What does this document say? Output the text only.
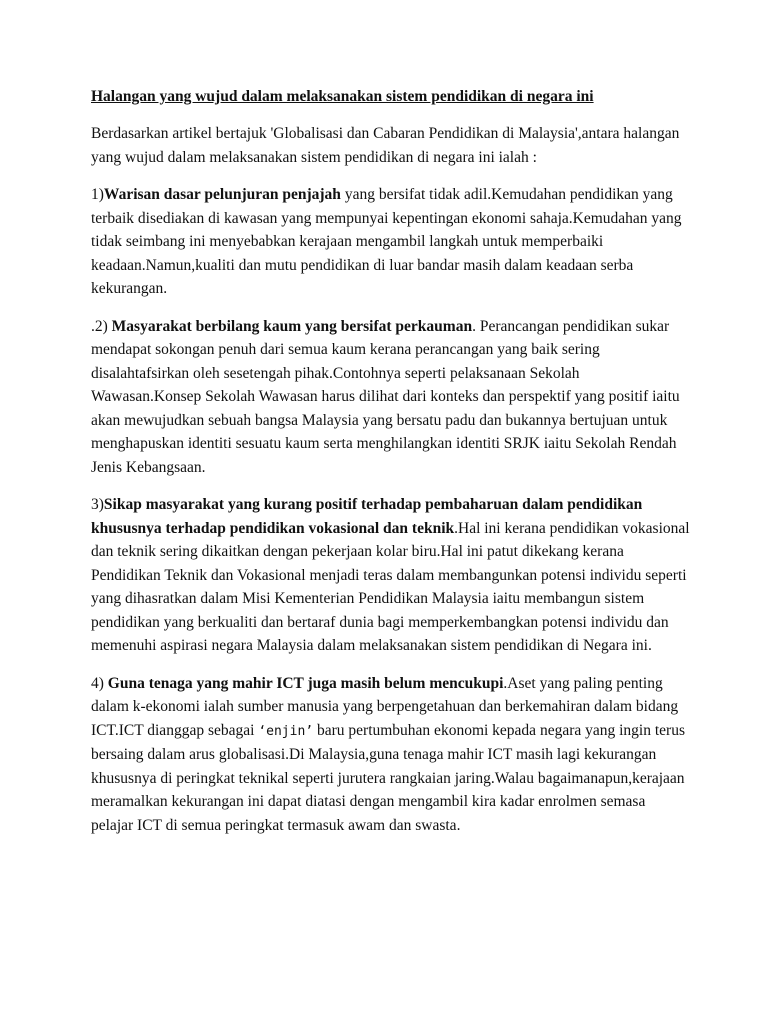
Halangan yang wujud dalam melaksanakan sistem pendidikan di negara ini

Berdasarkan artikel bertajuk 'Globalisasi dan Cabaran Pendidikan di Malaysia',antara halangan yang wujud dalam melaksanakan sistem pendidikan di negara ini ialah :

1)Warisan dasar pelunjuran penjajah yang bersifat tidak adil.Kemudahan pendidikan yang terbaik disediakan di kawasan yang mempunyai kepentingan ekonomi sahaja.Kemudahan yang tidak seimbang ini menyebabkan kerajaan mengambil langkah untuk memperbaiki keadaan.Namun,kualiti dan mutu pendidikan di luar bandar masih dalam keadaan serba kekurangan.

.2) Masyarakat berbilang kaum yang bersifat perkauman. Perancangan pendidikan sukar mendapat sokongan penuh dari semua kaum kerana perancangan yang baik sering disalahtafsirkan oleh sesetengah pihak.Contohnya seperti pelaksanaan Sekolah Wawasan.Konsep Sekolah Wawasan harus dilihat dari konteks dan perspektif yang positif iaitu akan mewujudkan sebuah bangsa Malaysia yang bersatu padu dan bukannya bertujuan untuk menghapuskan identiti sesuatu kaum serta menghilangkan identiti SRJK iaitu Sekolah Rendah Jenis Kebangsaan.

3)Sikap masyarakat yang kurang positif terhadap pembaharuan dalam pendidikan khususnya terhadap pendidikan vokasional dan teknik.Hal ini kerana pendidikan vokasional dan teknik sering dikaitkan dengan pekerjaan kolar biru.Hal ini patut dikekang kerana Pendidikan Teknik dan Vokasional menjadi teras dalam membangunkan potensi individu seperti yang dihasratkan dalam Misi Kementerian Pendidikan Malaysia iaitu membangun sistem pendidikan yang berkualiti dan bertaraf dunia bagi memperkembangkan potensi individu dan memenuhi aspirasi negara Malaysia dalam melaksanakan sistem pendidikan di Negara ini.

4) Guna tenaga yang mahir ICT juga masih belum mencukupi.Aset yang paling penting dalam k-ekonomi ialah sumber manusia yang berpengetahuan dan berkemahiran dalam bidang ICT.ICT dianggap sebagai ‘enjin’ baru pertumbuhan ekonomi kepada negara yang ingin terus bersaing dalam arus globalisasi.Di Malaysia,guna tenaga mahir ICT masih lagi kekurangan khususnya di peringkat teknikal seperti jurutera rangkaian jaring.Walau bagaimanapun,kerajaan meramalkan kekurangan ini dapat diatasi dengan mengambil kira kadar enrolmen semasa pelajar ICT di semua peringkat termasuk awam dan swasta.
